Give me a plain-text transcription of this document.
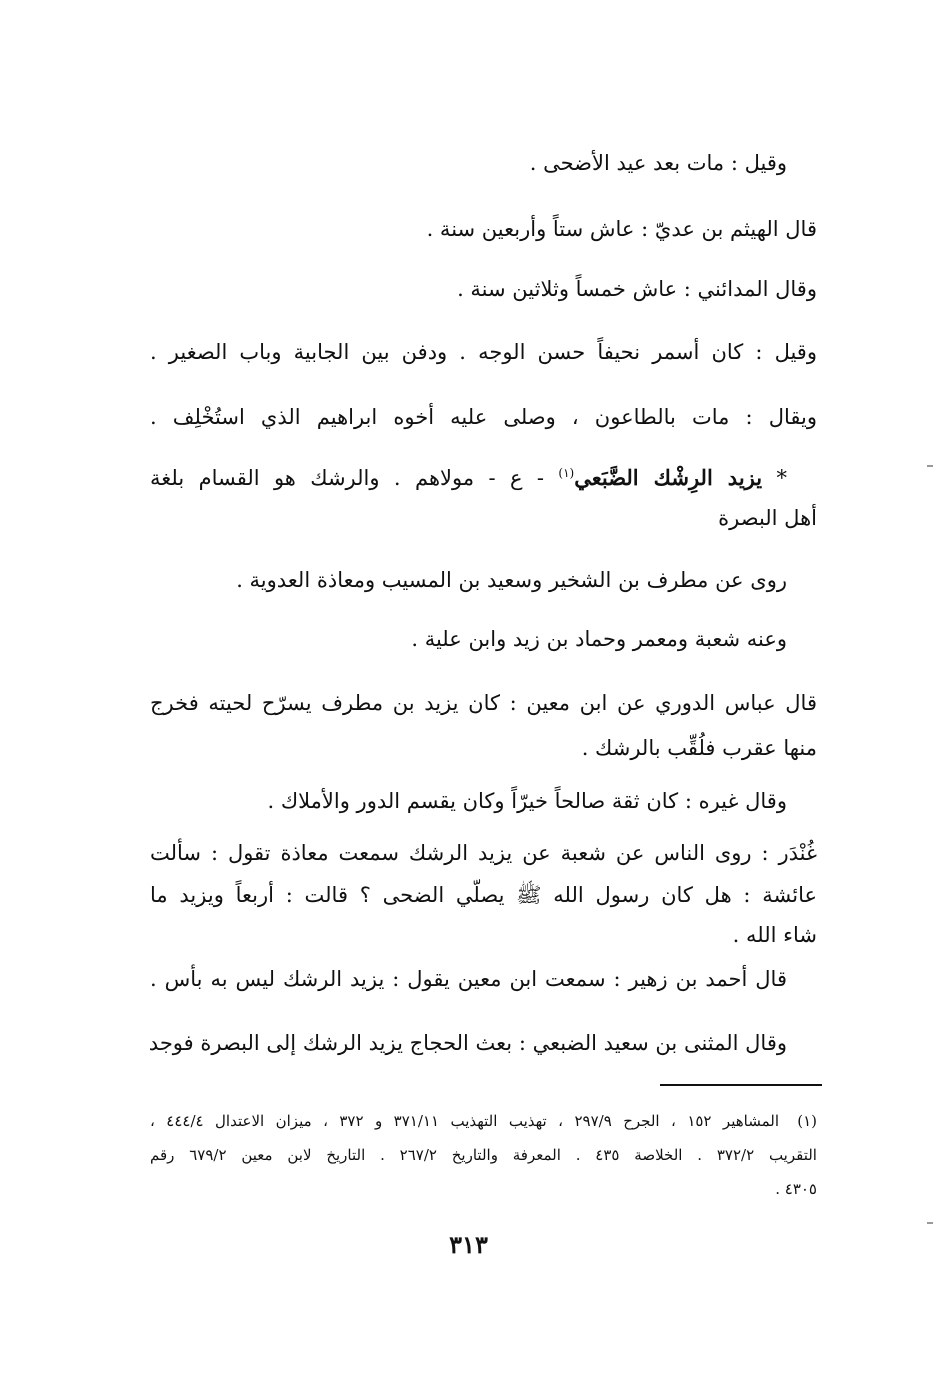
وقيل : مات بعد عيد الأضحى .
قال الهيثم بن عديّ : عاش ستاً وأربعين سنة .
وقال المدائني : عاش خمساً وثلاثين سنة .
وقيل : كان أسمر نحيفاً حسن الوجه . ودفن بين الجابية وباب الصغير .
ويقال : مات بالطاعون ، وصلى عليه أخوه ابراهيم الذي استُخْلِف .
* يزيد الرِشْك الضَّبَعي$^{(١)}$ - ع - مولاهم . والرشك هو القسام بلغة
أهل البصرة
روى عن مطرف بن الشخير وسعيد بن المسيب ومعاذة العدوية .
وعنه شعبة ومعمر وحماد بن زيد وابن علية .
قال عباس الدوري عن ابن معين : كان يزيد بن مطرف يسرّح لحيته فخرج
منها عقرب فلُقِّب بالرشك .
وقال غيره : كان ثقة صالحاً خيرّاً وكان يقسم الدور والأملاك .
غُنْدَر : روى الناس عن شعبة عن يزيد الرشك سمعت معاذة تقول : سألت
عائشة : هل كان رسول الله ﷺ يصلّي الضحى ؟ قالت : أربعاً ويزيد ما
شاء الله .
قال أحمد بن زهير : سمعت ابن معين يقول : يزيد الرشك ليس به بأس .
وقال المثنى بن سعيد الضبعي : بعث الحجاج يزيد الرشك إلى البصرة فوجد
(١)
المشاهير ١٥٢ ، الجرح ٢٩٧/٩ ، تهذيب التهذيب ٣٧١/١١ و ٣٧٢ ، ميزان الاعتدال ٤٤٤/٤ ،
التقريب ٣٧٢/٢ . الخلاصة ٤٣٥ . المعرفة والتاريخ ٢٦٧/٢ . التاريخ لابن معين ٦٧٩/٢ رقم
٤٣٠٥ .
٣١٣
